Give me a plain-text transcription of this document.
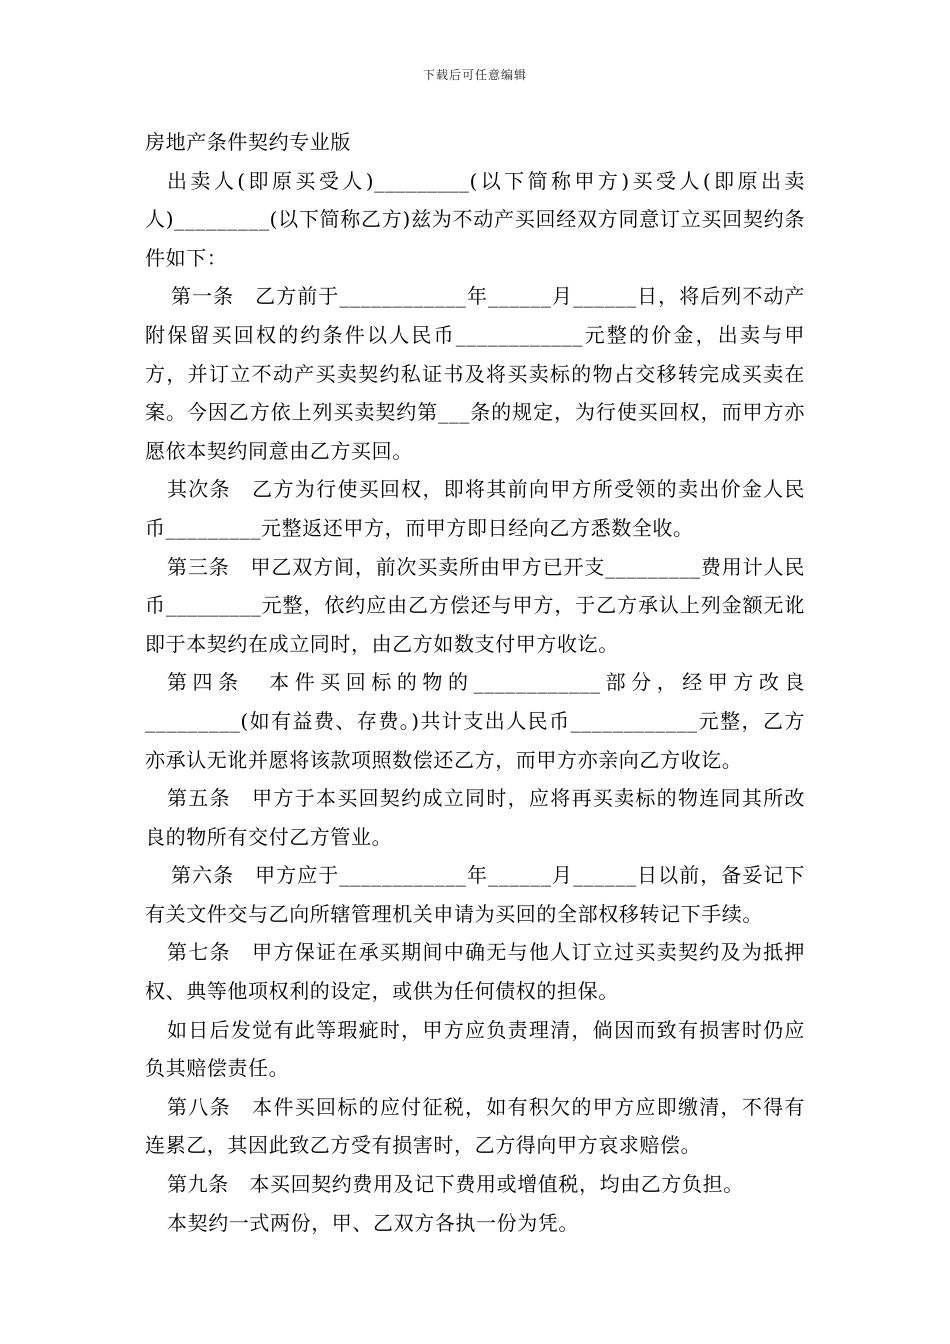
下载后可任意编辑

房地产条件契约专业版

出卖人(即原买受人)_________(以下简称甲方)买受人(即原出卖人)_________(以下简称乙方)兹为不动产买回经双方同意订立买回契约条件如下：

第一条　乙方前于____________年______月______日，将后列不动产附保留买回权的约条件以人民币____________元整的价金，出卖与甲方，并订立不动产买卖契约私证书及将买卖标的物占交移转完成买卖在案。今因乙方依上列买卖契约第___条的规定，为行使买回权，而甲方亦愿依本契约同意由乙方买回。

其次条　乙方为行使买回权，即将其前向甲方所受领的卖出价金人民币_________元整返还甲方，而甲方即日经向乙方悉数全收。

第三条　甲乙双方间，前次买卖所由甲方已开支_________费用计人民币_________元整，依约应由乙方偿还与甲方，于乙方承认上列金额无讹即于本契约在成立同时，由乙方如数支付甲方收讫。

第四条　本件买回标的物的____________部分，经甲方改良_________(如有益费、存费。)共计支出人民币____________元整，乙方亦承认无讹并愿将该款项照数偿还乙方，而甲方亦亲向乙方收讫。

第五条　甲方于本买回契约成立同时，应将再买卖标的物连同其所改良的物所有交付乙方管业。

第六条　甲方应于____________年______月______日以前，备妥记下有关文件交与乙向所辖管理机关申请为买回的全部权移转记下手续。

第七条　甲方保证在承买期间中确无与他人订立过买卖契约及为抵押权、典等他项权利的设定，或供为任何债权的担保。

如日后发觉有此等瑕疵时，甲方应负责理清，倘因而致有损害时仍应负其赔偿责任。

第八条　本件买回标的应付征税，如有积欠的甲方应即缴清，不得有连累乙，其因此致乙方受有损害时，乙方得向甲方哀求赔偿。

第九条　本买回契约费用及记下费用或增值税，均由乙方负担。

本契约一式两份，甲、乙双方各执一份为凭。
